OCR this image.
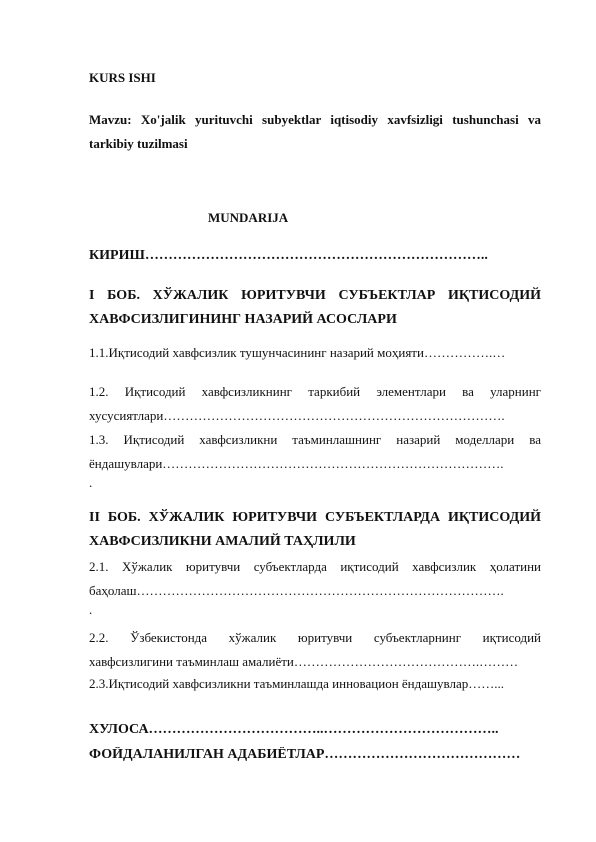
KURS ISHI
Mavzu: Xo'jalik yurituvchi subyektlar iqtisodiy xavfsizligi tushunchasi va
tarkibiy tuzilmasi
MUNDARIJA
КИРИШ………………………………………………………………..
I БОБ. ХЎЖАЛИК ЮРИТУВЧИ СУБЪЕКТЛАР ИҚТИСОДИЙ
ХАВФСИЗЛИГИНИНГ НАЗАРИЙ АСОСЛАРИ
1.1.Иқтисодий хавфсизлик тушунчасининг назарий моҳияти…………….…
1.2. Иқтисодий хавфсизликнинг таркибий элементлари ва уларнинг
хусусиятлари…………………………………………………………………….
1.3. Иқтисодий хавфсизликни таъминлашнинг назарий моделлари ва
ёндашувлари…………………………………………………………………….
.
II БОБ. ХЎЖАЛИК ЮРИТУВЧИ СУБЪЕКТЛАРДА ИҚТИСОДИЙ
ХАВФСИЗЛИКНИ АМАЛИЙ ТАҲЛИЛИ
2.1. Хўжалик юритувчи субъектларда иқтисодий хавфсизлик ҳолатини
баҳолаш………………………………………………………………………….
.
2.2. Ўзбекистонда хўжалик юритувчи субъектларнинг иқтисодий
хавфсизлигини таъминлаш амалиёти…………………………………….………
2.3.Иқтисодий хавфсизликни таъминлашда инновацион ёндашувлар……...
ХУЛОСА………………………………..………………………………..
ФОЙДАЛАНИЛГАН АДАБИЁТЛАР……………………………………
